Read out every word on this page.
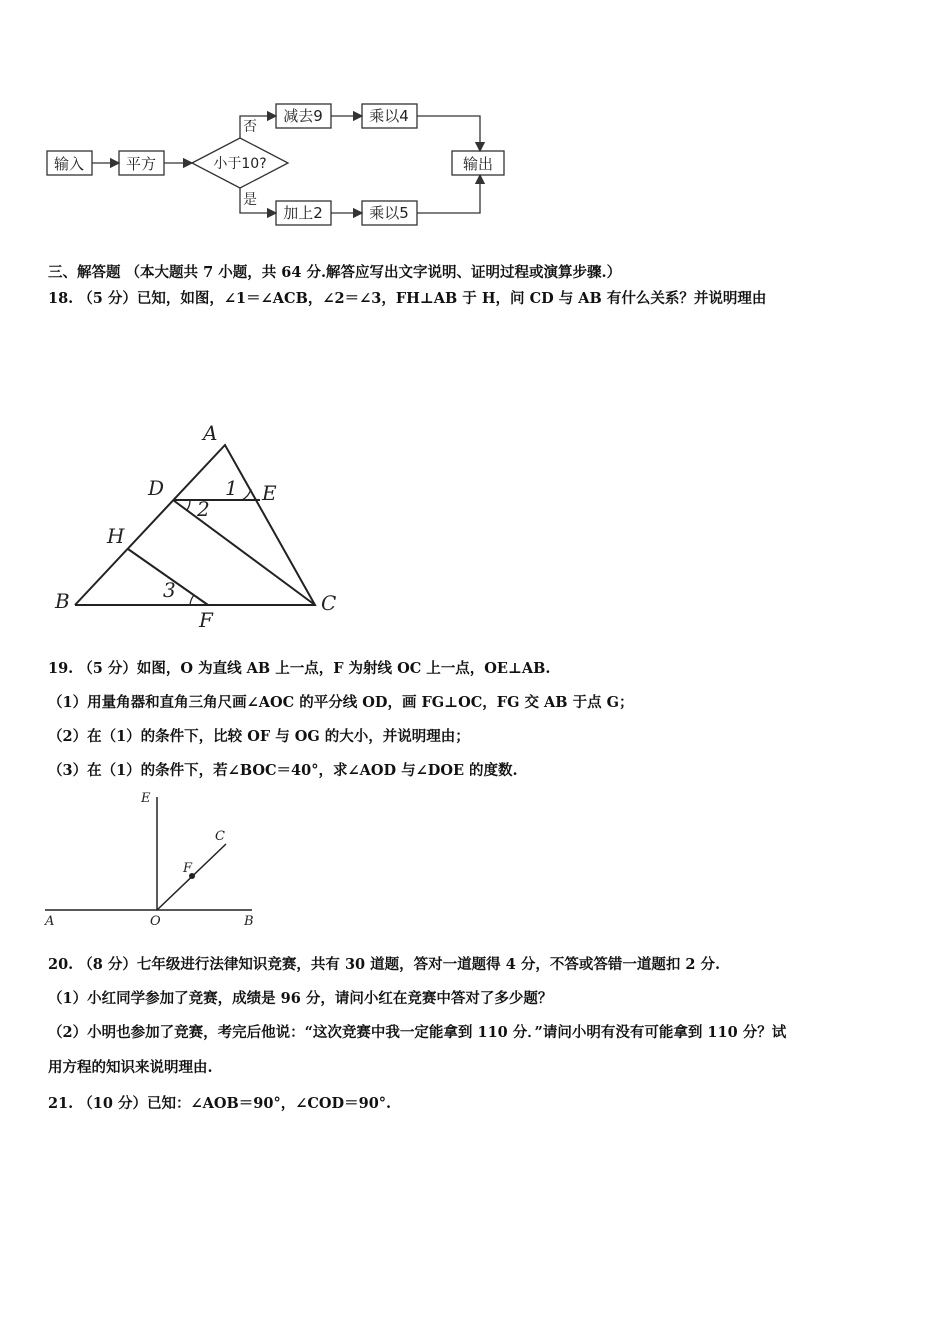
输入	平方	小于10?
否
是
减去9	乘以4
加上2	乘以5
输出
三、解答题 （本大题共 7 小题，共 64 分.解答应写出文字说明、证明过程或演算步骤.）
18. （5 分）已知，如图，∠1＝∠ACB，∠2＝∠3，FH⊥AB 于 H，问 CD 与 AB 有什么关系？并说明理由
A
B	C
D	E
F
H
1
2
3
19. （5 分）如图，O 为直线 AB 上一点，F 为射线 OC 上一点，OE⊥AB.
（1）用量角器和直角三角尺画∠AOC 的平分线 OD，画 FG⊥OC，FG 交 AB 于点 G；
（2）在（1）的条件下，比较 OF 与 OG 的大小，并说明理由；
（3）在（1）的条件下，若∠BOC＝40°，求∠AOD 与∠DOE 的度数.
E
C
F
A	O	B
20. （8 分）七年级进行法律知识竞赛，共有 30 道题，答对一道题得 4 分，不答或答错一道题扣 2 分.
（1）小红同学参加了竞赛，成绩是 96 分，请问小红在竞赛中答对了多少题？
（2）小明也参加了竞赛，考完后他说：“这次竞赛中我一定能拿到 110 分．”请问小明有没有可能拿到 110 分？试
用方程的知识来说明理由.
21. （10 分）已知：∠AOB＝90°，∠COD＝90°.
